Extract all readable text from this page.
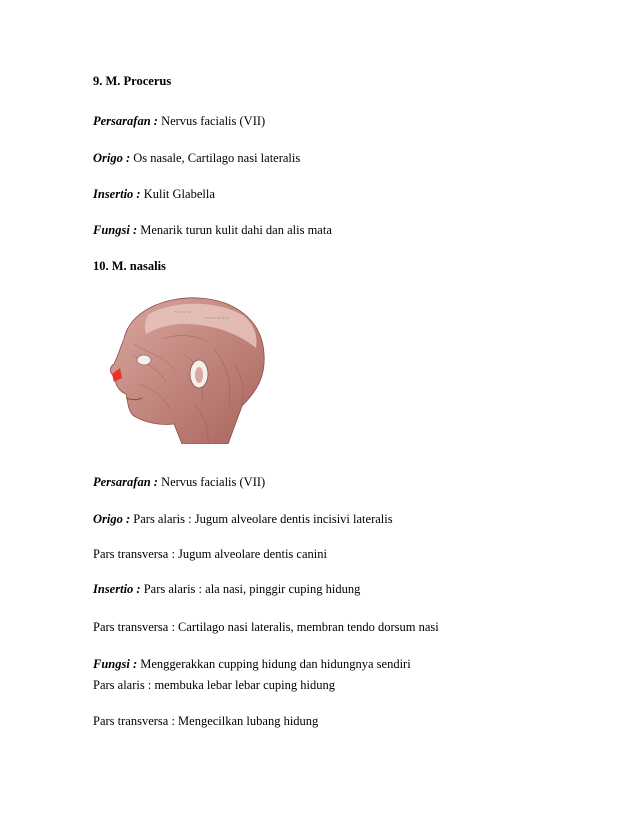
9. M. Procerus
Persarafan : Nervus facialis (VII)
Origo : Os nasale, Cartilago nasi lateralis
Insertio : Kulit Glabella
Fungsi : Menarik turun kulit dahi dan alis mata
10. M. nasalis
~~~~
~~~~~~
Persarafan : Nervus facialis (VII)
Origo : Pars alaris : Jugum alveolare dentis incisivi lateralis
Pars transversa : Jugum alveolare dentis canini
Insertio : Pars alaris : ala nasi, pinggir cuping hidung
Pars transversa : Cartilago nasi lateralis, membran tendo dorsum nasi
Fungsi : Menggerakkan cupping hidung dan hidungnya sendiri
Pars alaris : membuka lebar lebar cuping hidung
Pars transversa : Mengecilkan lubang hidung
